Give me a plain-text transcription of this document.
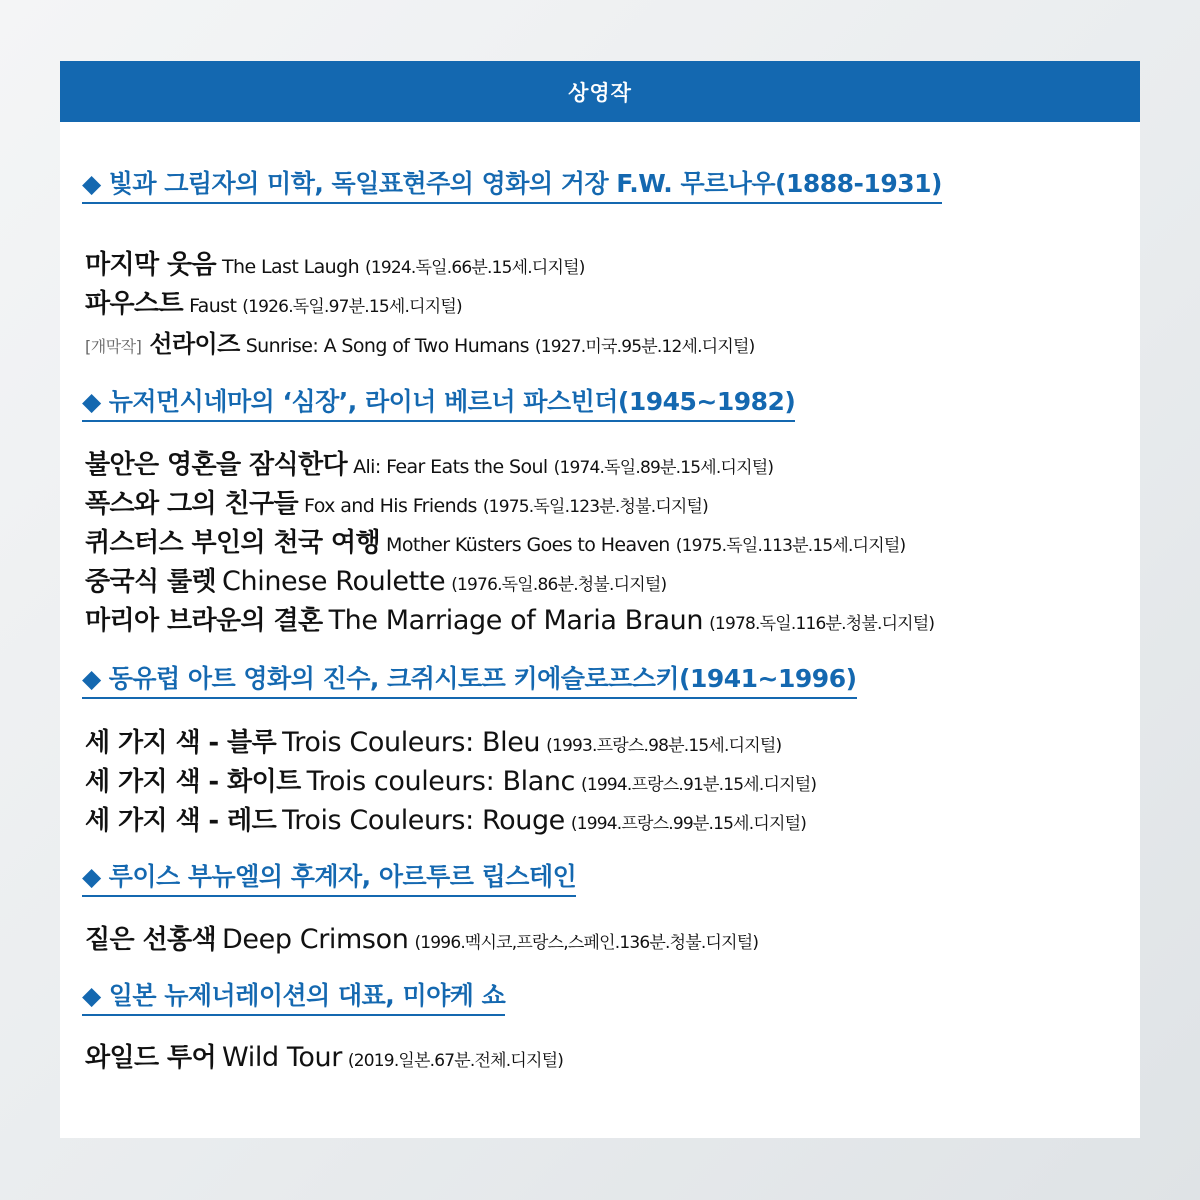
상영작
◆ 빛과 그림자의 미학, 독일표현주의 영화의 거장 F.W. 무르나우(1888-1931)
마지막 웃음 The Last Laugh (1924.독일.66분.15세.디지털)
파우스트 Faust (1926.독일.97분.15세.디지털)
[개막작] 선라이즈 Sunrise: A Song of Two Humans (1927.미국.95분.12세.디지털)
◆ 뉴저먼시네마의 ‘심장’, 라이너 베르너 파스빈더(1945~1982)
불안은 영혼을 잠식한다 Ali: Fear Eats the Soul (1974.독일.89분.15세.디지털)
폭스와 그의 친구들 Fox and His Friends (1975.독일.123분.청불.디지털)
퀴스터스 부인의 천국 여행 Mother Küsters Goes to Heaven (1975.독일.113분.15세.디지털)
중국식 룰렛 Chinese Roulette (1976.독일.86분.청불.디지털)
마리아 브라운의 결혼 The Marriage of Maria Braun (1978.독일.116분.청불.디지털)
◆ 동유럽 아트 영화의 진수, 크쥐시토프 키에슬로프스키(1941~1996)
세 가지 색 - 블루 Trois Couleurs: Bleu (1993.프랑스.98분.15세.디지털)
세 가지 색 - 화이트 Trois couleurs: Blanc (1994.프랑스.91분.15세.디지털)
세 가지 색 - 레드 Trois Couleurs: Rouge (1994.프랑스.99분.15세.디지털)
◆ 루이스 부뉴엘의 후계자, 아르투르 립스테인
짙은 선홍색 Deep Crimson (1996.멕시코,프랑스,스페인.136분.청불.디지털)
◆ 일본 뉴제너레이션의 대표, 미야케 쇼
와일드 투어 Wild Tour (2019.일본.67분.전체.디지털)
